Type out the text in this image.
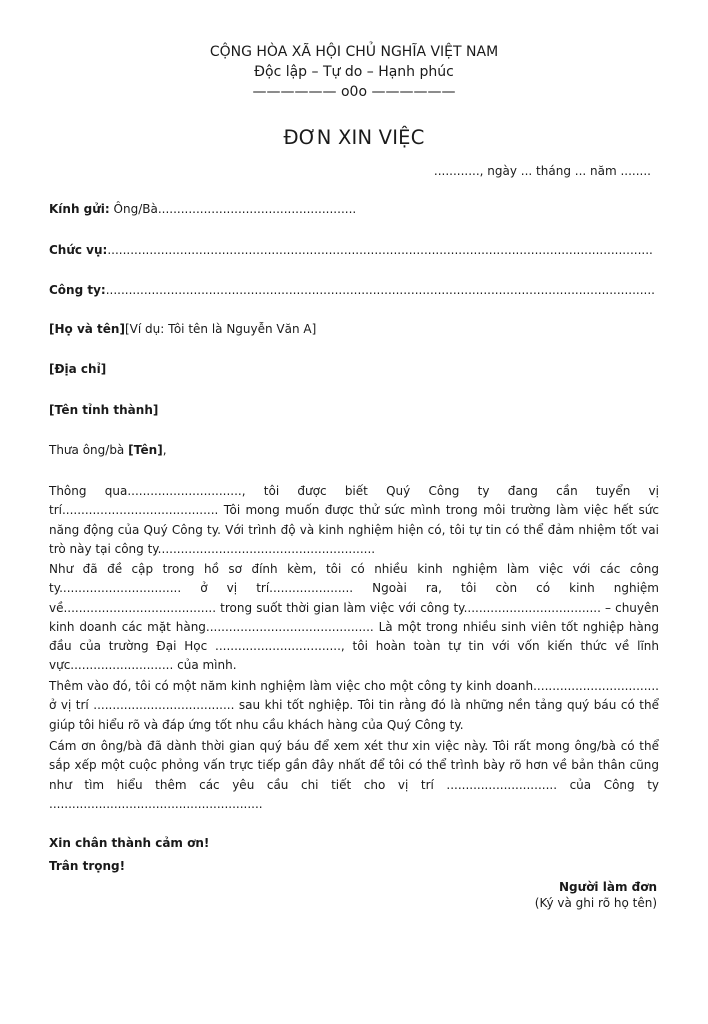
CỘNG HÒA XÃ HỘI CHỦ NGHĨA VIỆT NAM
Độc lập – Tự do – Hạnh phúc
—————— o0o ——————
ĐƠN XIN VIỆC
............, ngày ... tháng ... năm ........
Kính gửi: Ông/Bà....................................................
Chức vụ:...............................................................................................................................................
Công ty:................................................................................................................................................
[Họ và tên][Ví dụ: Tôi tên là Nguyễn Văn A]
[Địa chỉ]
[Tên tỉnh thành]
Thưa ông/bà [Tên],
Thông qua.............................., tôi được biết Quý Công ty đang cần tuyển vị trí......................................... Tôi mong muốn được thử sức mình trong môi trường làm việc hết sức năng động của Quý Công ty. Với trình độ và kinh nghiệm hiện có, tôi tự tin có thể đảm nhiệm tốt vai trò này tại công ty.........................................................
Như đã đề cập trong hồ sơ đính kèm, tôi có nhiều kinh nghiệm làm việc với các công ty................................ ở vị trí...................... Ngoài ra, tôi còn có kinh nghiệm về........................................ trong suốt thời gian làm việc với công ty.................................... – chuyên kinh doanh các mặt hàng............................................ Là một trong nhiều sinh viên tốt nghiệp hàng đầu của trường Đại Học ................................., tôi hoàn toàn tự tin với vốn kiến thức về lĩnh vực........................... của mình.
Thêm vào đó, tôi có một năm kinh nghiệm làm việc cho một công ty kinh doanh................................. ở vị trí ..................................... sau khi tốt nghiệp. Tôi tin rằng đó là những nền tảng quý báu có thể giúp tôi hiểu rõ và đáp ứng tốt nhu cầu khách hàng của Quý Công ty.
Cám ơn ông/bà đã dành thời gian quý báu để xem xét thư xin việc này. Tôi rất mong ông/bà có thể sắp xếp một cuộc phỏng vấn trực tiếp gần đây nhất để tôi có thể trình bày rõ hơn về bản thân cũng như tìm hiểu thêm các yêu cầu chi tiết cho vị trí ............................. của Công ty ........................................................
Xin chân thành cảm ơn!
Trân trọng!
Người làm đơn
(Ký và ghi rõ họ tên)
